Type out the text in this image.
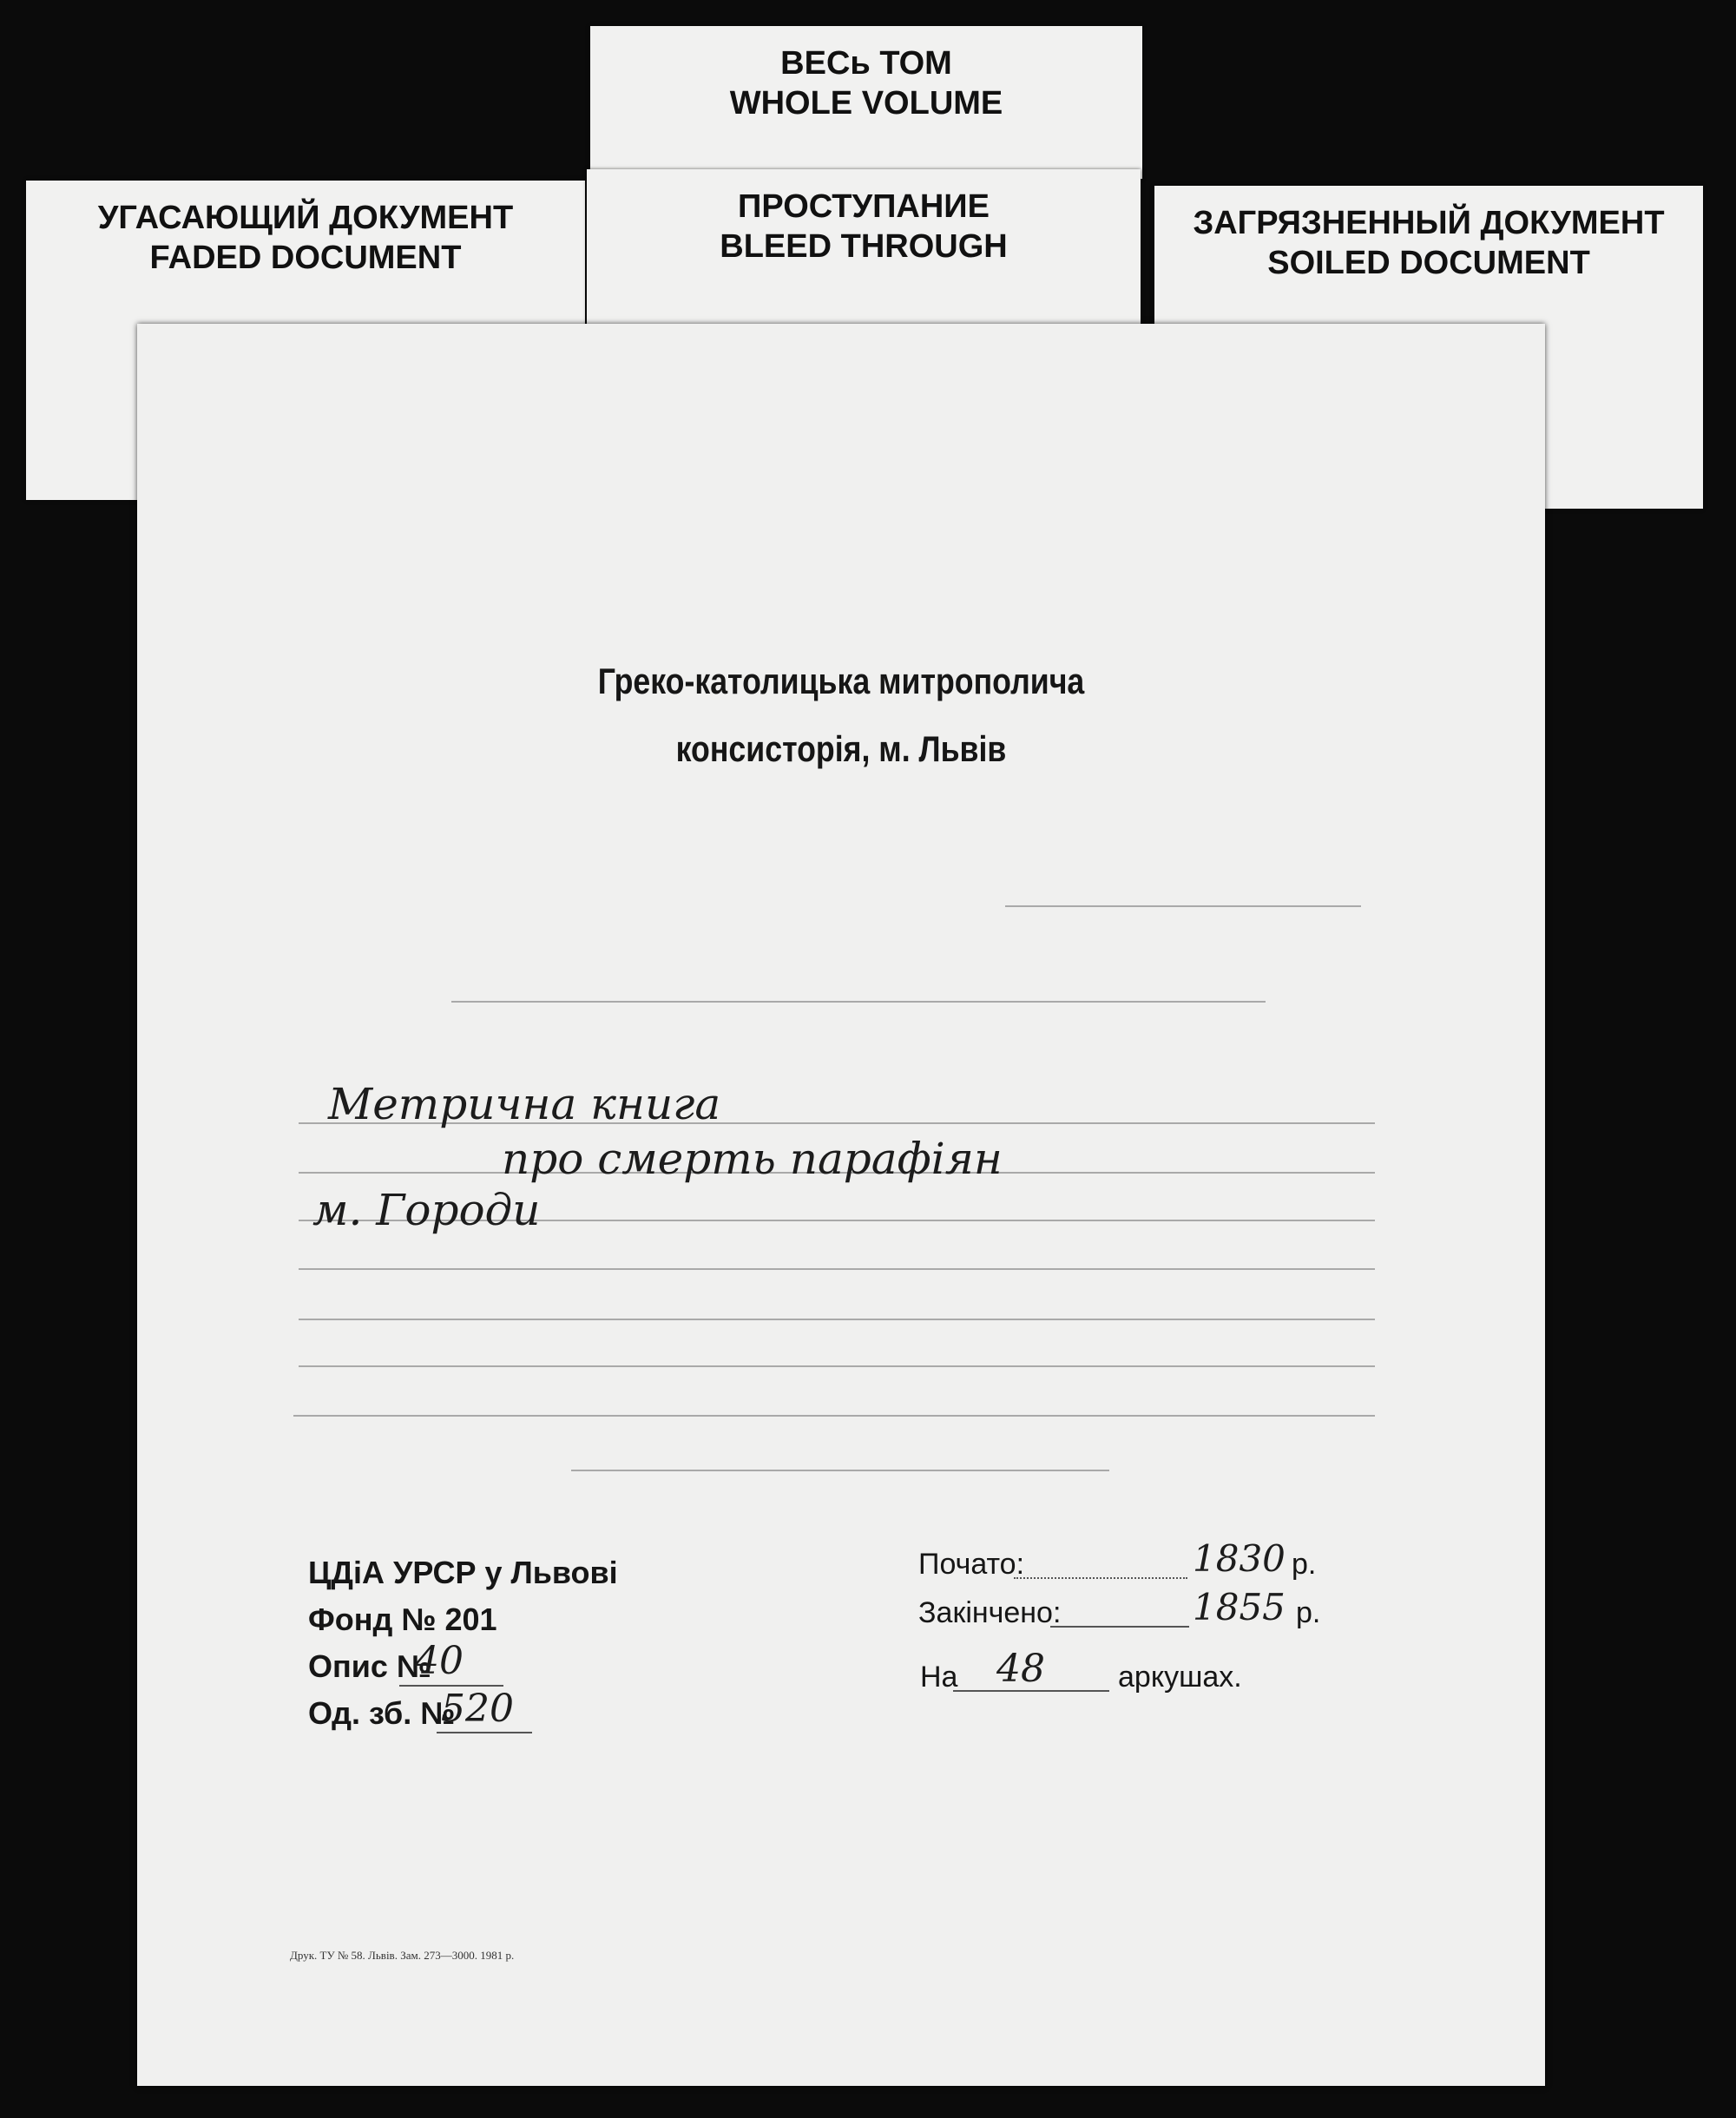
ВЕСь ТОМ
WHOLE VOLUME
УГАСАЮЩИЙ ДОКУМЕНТ
FADED DOCUMENT
ПРОСТУПАНИЕ
BLEED THROUGH
ЗАГРЯЗНЕННЫЙ ДОКУМЕНТ
SOILED DOCUMENT
Греко-католицька митрополича
консисторія, м. Львів
Метрична книга
про смерть парафіян
м. Городи
ЦДіА УРСР у Львові
Фонд № 201
Опис №
40
Од. зб. №
520
Почато:	1830 р.
Закінчено:	1855 р.
На 48 аркушах.
Друк. ТУ № 58. Львів. Зам. 273—3000. 1981 р.
